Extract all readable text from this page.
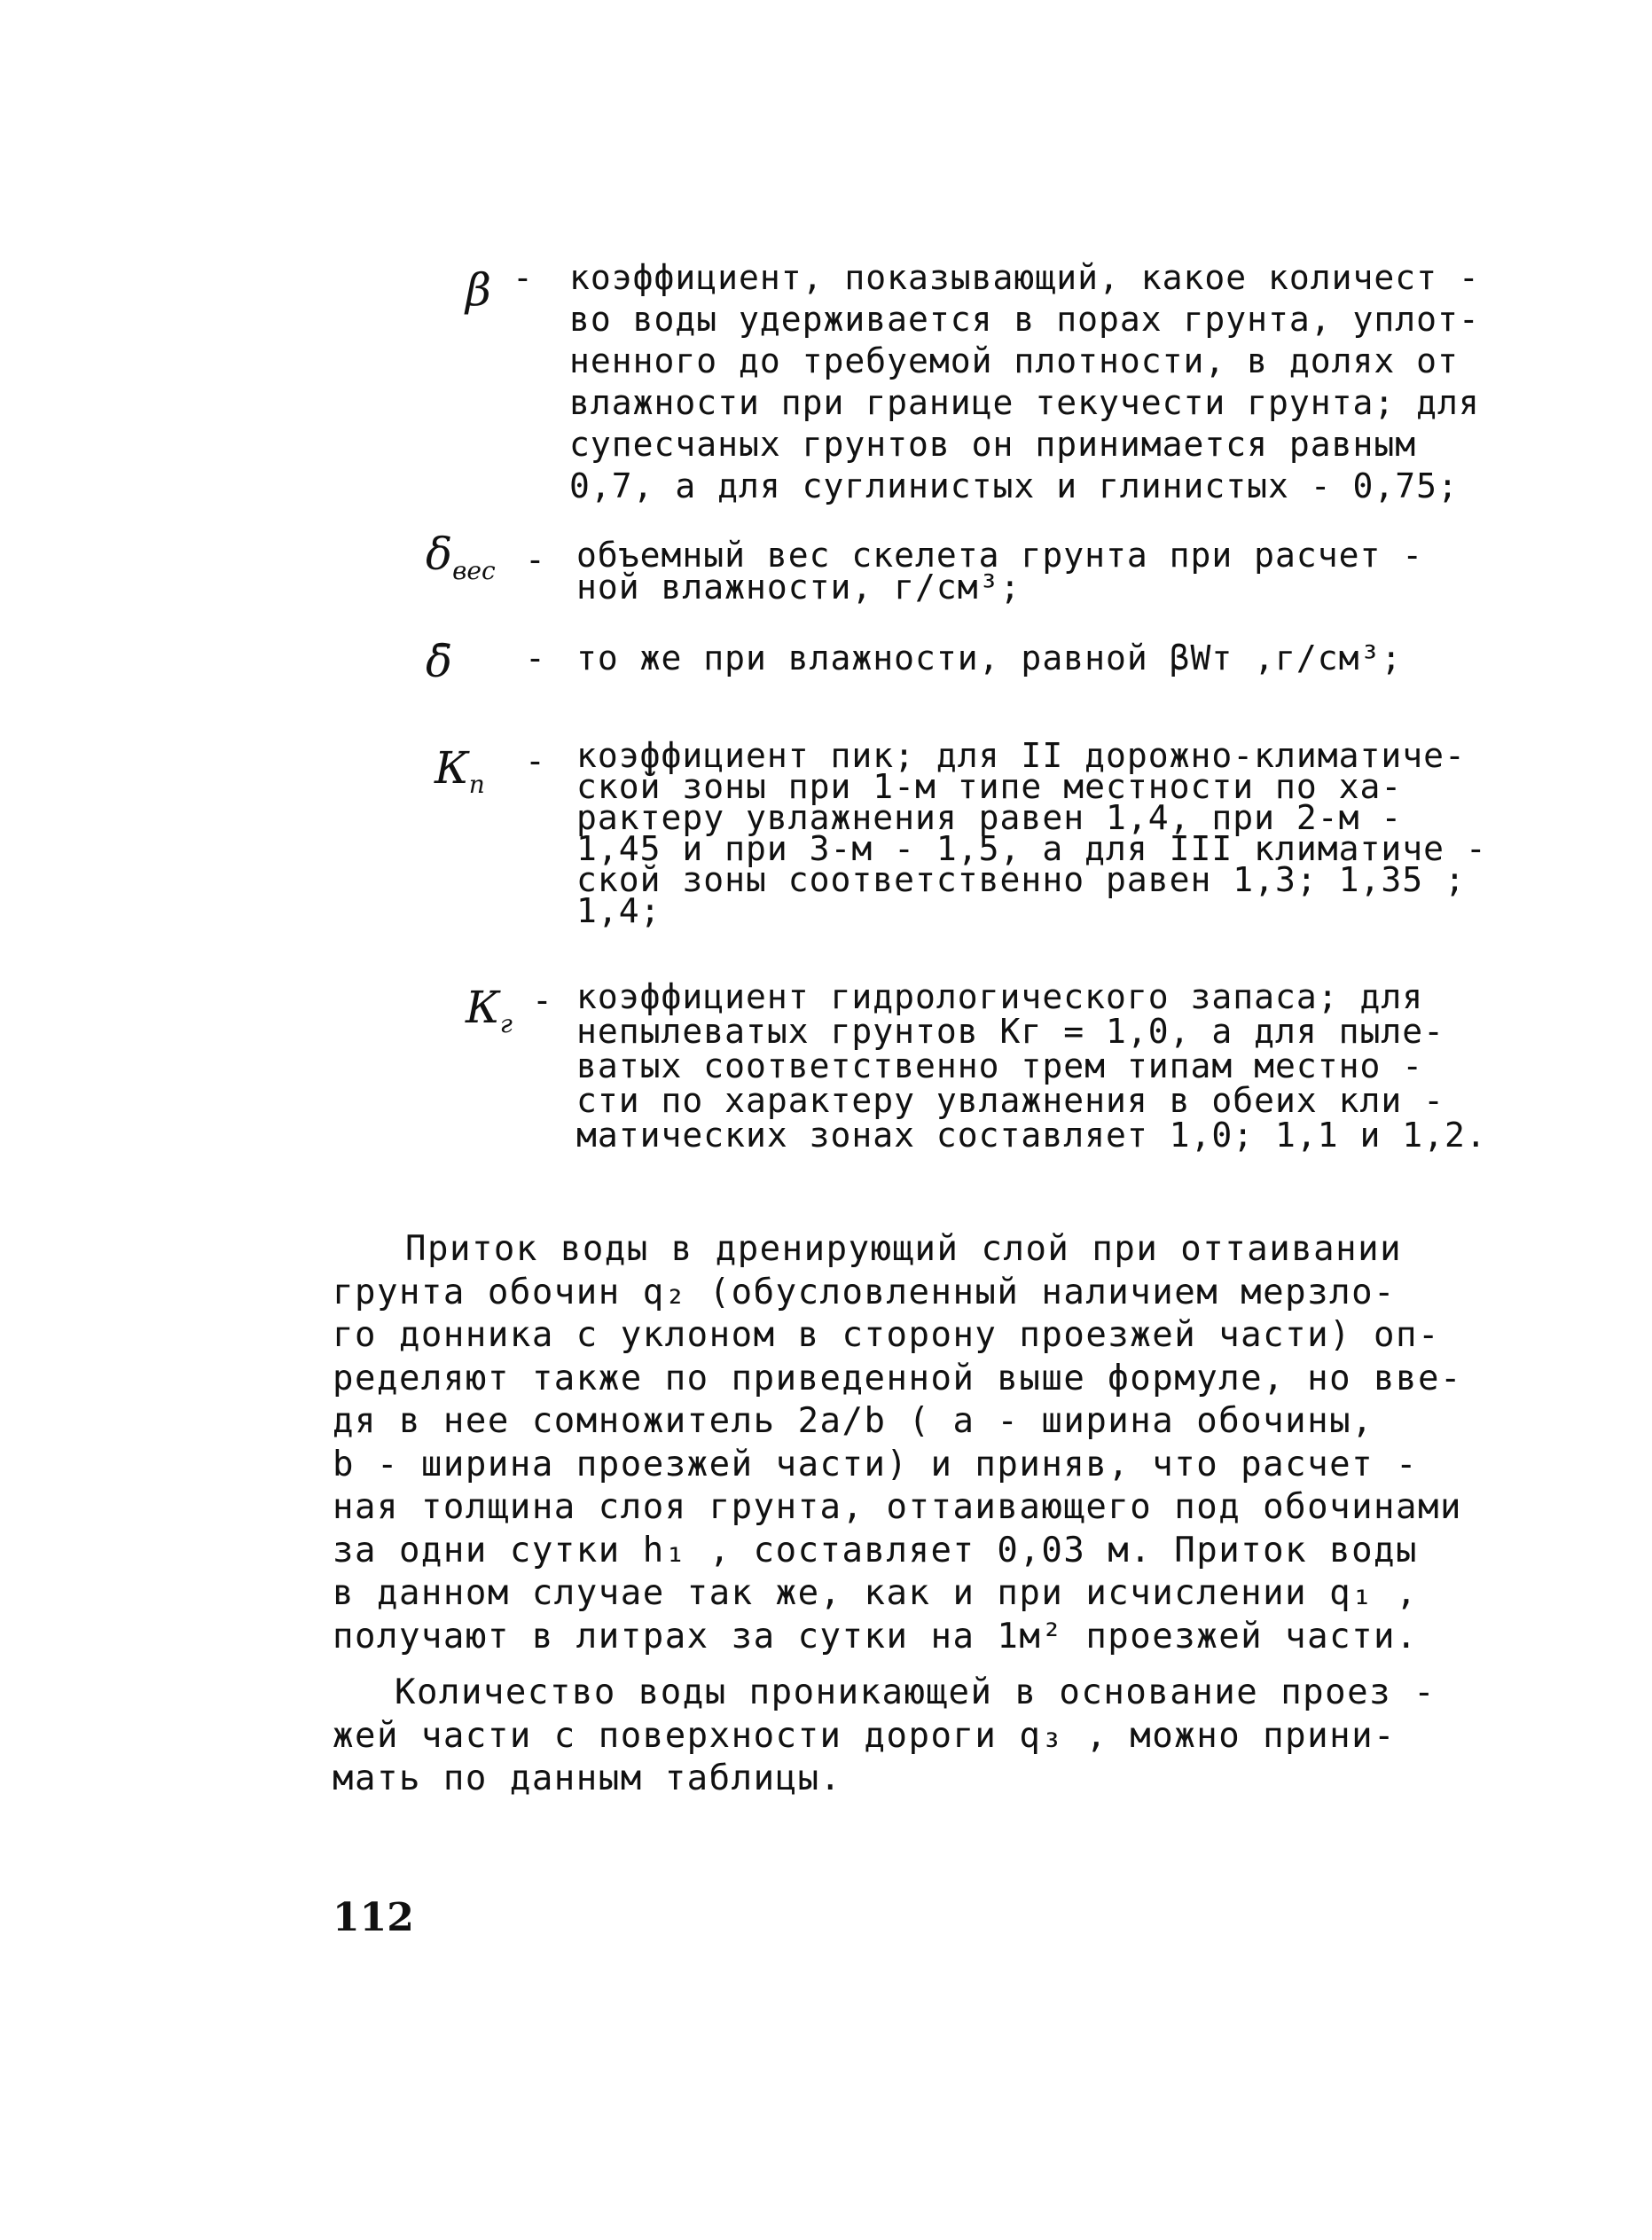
β - коэффициент, показывающий, какое количест -
во воды удерживается в порах грунта, уплот-
ненного до требуемой плотности, в долях от
влажности при границе текучести грунта; для
супесчаных грунтов он принимается равным
0,7, а для суглинистых и глинистых - 0,75;
$\delta_{вес}$ - объемный вес скелета грунта при расчет -
ной влажности, г/см³;
δ̄	- то же при влажности, равной βWт ,г/см³;
$К_п$
- коэффициент пик; для II дорожно-климатиче-
ской зоны при 1-м типе местности по ха-
рактеру увлажнения равен 1,4, при 2-м -
1,45 и при 3-м - 1,5, а для III климатиче -
ской зоны соответственно равен 1,3; 1,35 ;
1,4;
$К_г$
- коэффициент гидрологического запаса; для
непылеватых грунтов Кг = 1,0, а для пыле-
ватых соответственно трем типам местно -
сти по характеру увлажнения в обеих кли -
матических зонах составляет 1,0; 1,1 и 1,2.

Приток воды в дренирующий слой при оттаивании
грунта обочин q₂ (обусловленный наличием мерзло-
го донника с уклоном в сторону проезжей части) оп-
ределяют также по приведенной выше формуле, но вве-
дя в нее сомножитель 2a/b ( a - ширина обочины,
b - ширина проезжей части) и приняв, что расчет -
ная толщина слоя грунта, оттаивающего под обочинами
за одни сутки h₁ , составляет 0,03 м. Приток воды
в данном случае так же, как и при исчислении q₁ ,
получают в литрах за сутки на 1м² проезжей части.

Количество воды проникающей в основание проез -
жей части с поверхности дороги q₃ , можно прини-
мать по данным таблицы.

112
